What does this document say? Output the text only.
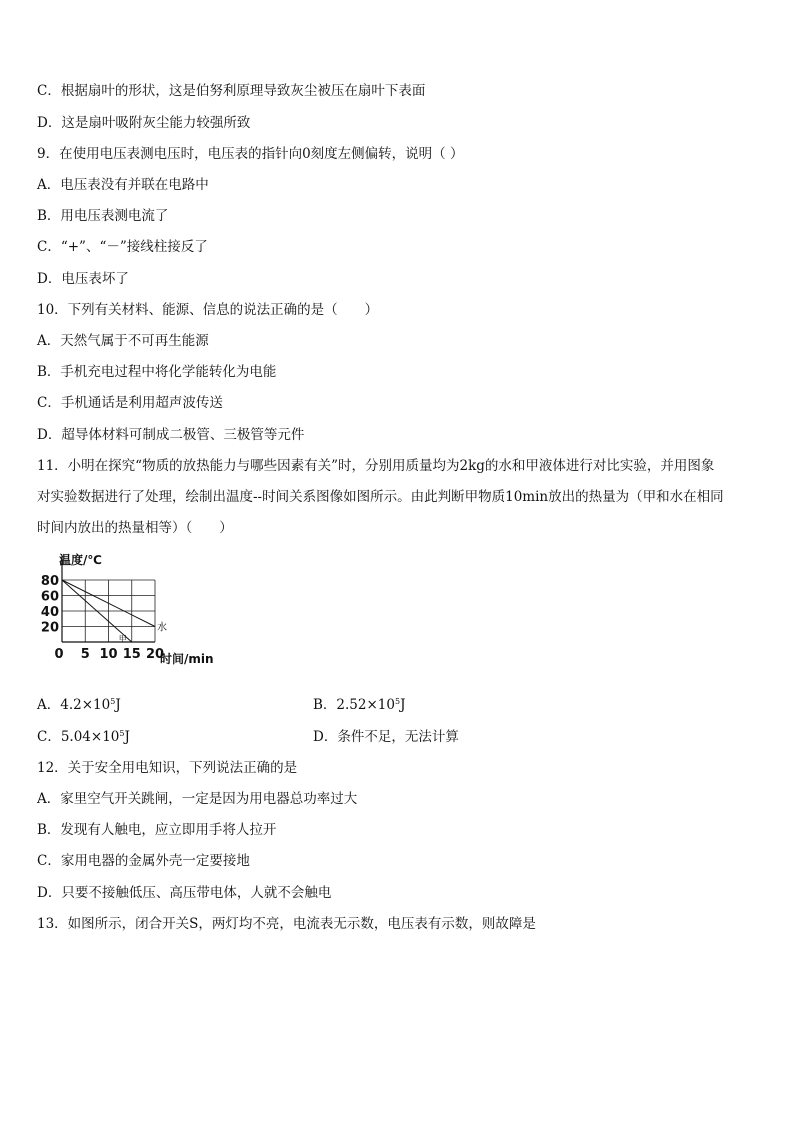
C．根据扇叶的形状，这是伯努利原理导致灰尘被压在扇叶下表面
D．这是扇叶吸附灰尘能力较强所致
9．在使用电压表测电压时，电压表的指针向0刻度左侧偏转，说明（ ）
A．电压表没有并联在电路中
B．用电压表测电流了
C．“+”、“－”接线柱接反了
D．电压表坏了
10．下列有关材料、能源、信息的说法正确的是（　　）
A．天然气属于不可再生能源
B．手机充电过程中将化学能转化为电能
C．手机通话是利用超声波传送
D．超导体材料可制成二极管、三极管等元件
11．小明在探究“物质的放热能力与哪些因素有关”时，分别用质量均为2kg的水和甲液体进行对比实验，并用图象
对实验数据进行了处理，绘制出温度--时间关系图像如图所示。由此判断甲物质10min放出的热量为（甲和水在相同
时间内放出的热量相等）（　　）
12．关于安全用电知识，下列说法正确的是
A．家里空气开关跳闸，一定是因为用电器总功率过大
B．发现有人触电，应立即用手将人拉开
C．家用电器的金属外壳一定要接地
D．只要不接触低压、高压带电体，人就不会触电
13．如图所示，闭合开关S，两灯均不亮，电流表无示数，电压表有示数，则故障是
A．$4.2\times 10^5J$	B．$2.52\times 10^5J$
C．$5.04\times 10^5J$	D．条件不足，无法计算
甲
水
20
40
60
80
0 5 10 15 20
温度/℃
时间/min
